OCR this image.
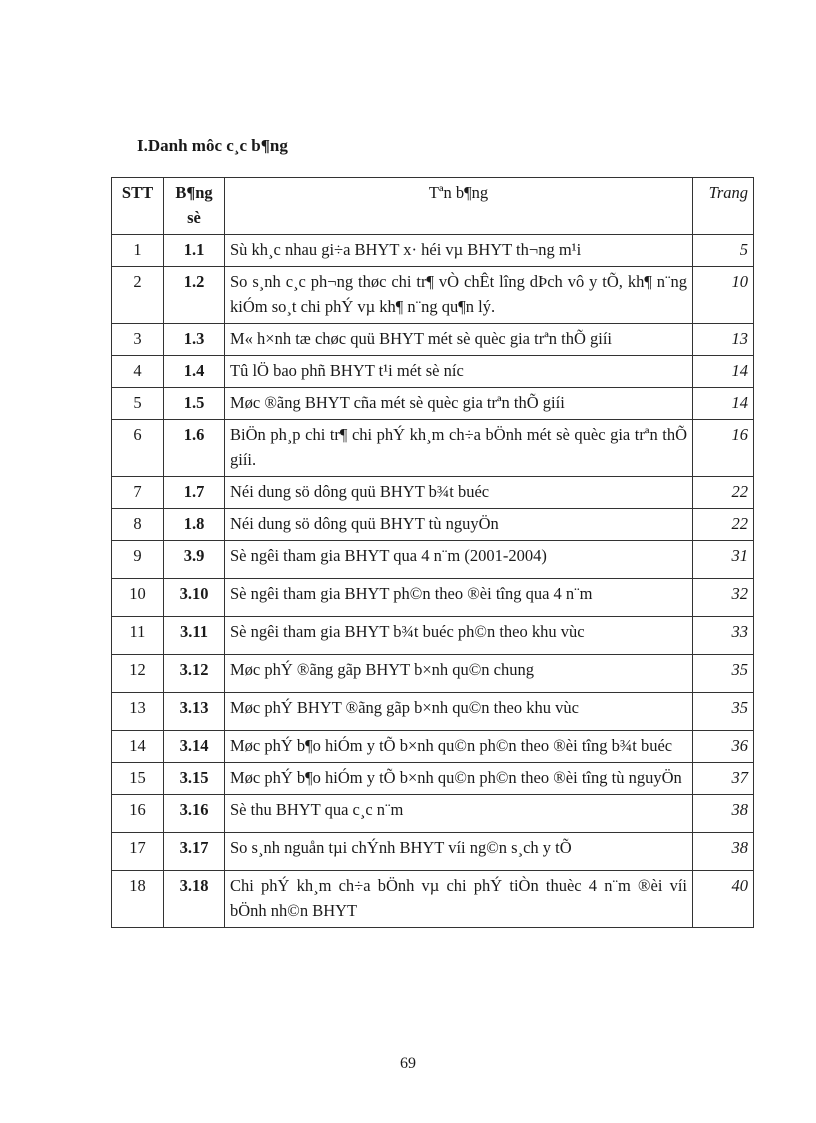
I.Danh môc c¸c b¶ng
STT	B¶ng sè	Tªn b¶ng	Trang
1	1.1	Sù kh¸c nhau gi÷a BHYT x· héi vµ BHYT th¬ng m¹i	5
2	1.2	So s¸nh c¸c ph¬ng thøc chi tr¶ vÒ chÊt lîng dÞch vô y tÕ, kh¶ n¨ng kiÓm so¸t chi phÝ vµ kh¶ n¨ng qu¶n lý.	10
3	1.3	M« h×nh tæ chøc quü BHYT mét sè quèc gia trªn thÕ giíi	13
4	1.4	Tû lÖ bao phñ BHYT t¹i mét sè níc	14
5	1.5	Møc ®ãng BHYT cña mét sè quèc gia trªn thÕ giíi	14
6	1.6	BiÖn ph¸p chi tr¶ chi phÝ kh¸m ch÷a bÖnh mét sè quèc gia trªn thÕ giíi.	16
7	1.7	Néi dung sö dông quü BHYT b¾t buéc	22
8	1.8	Néi dung sö dông quü BHYT tù nguyÖn	22
9	3.9	Sè ngêi tham gia BHYT qua 4 n¨m (2001-2004)	31
10	3.10	Sè ngêi tham gia BHYT ph©n theo ®èi tîng qua 4 n¨m	32
11	3.11	Sè ngêi tham gia BHYT b¾t buéc ph©n theo khu vùc	33
12	3.12	Møc phÝ ®ãng gãp BHYT b×nh qu©n chung	35
13	3.13	Møc phÝ BHYT ®ãng gãp b×nh qu©n theo khu vùc	35
14	3.14	Møc phÝ b¶o hiÓm y tÕ b×nh qu©n ph©n theo ®èi tîng b¾t buéc	36
15	3.15	Møc phÝ b¶o hiÓm y tÕ b×nh qu©n ph©n theo ®èi tîng tù nguyÖn	37
16	3.16	Sè thu BHYT qua c¸c n¨m	38
17	3.17	So s¸nh nguån tµi chÝnh BHYT víi ng©n s¸ch y tÕ	38
18	3.18	Chi phÝ kh¸m ch÷a bÖnh vµ chi phÝ tiÒn thuèc 4 n¨m ®èi víi bÖnh nh©n BHYT	40
69
